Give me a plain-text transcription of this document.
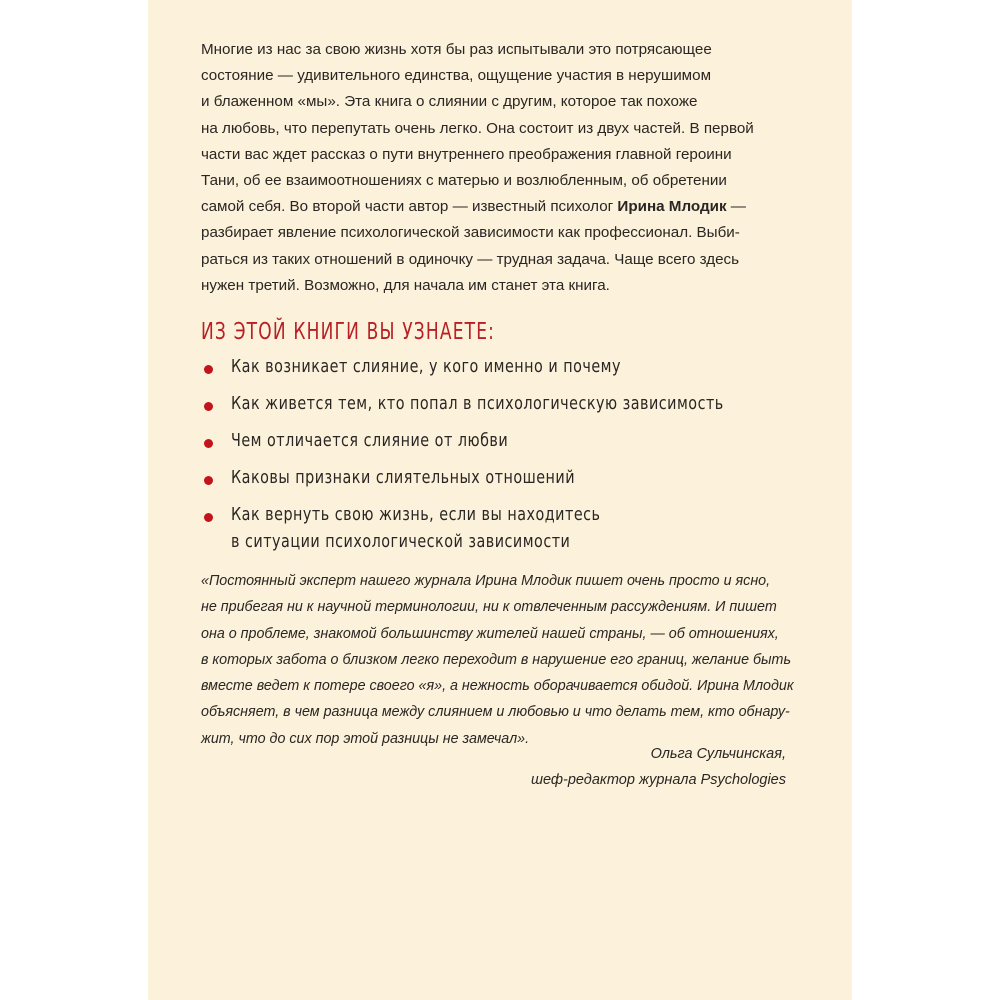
Многие из нас за свою жизнь хотя бы раз испытывали это потрясающее
состояние — удивительного единства, ощущение участия в нерушимом
и блаженном «мы». Эта книга о слиянии с другим, которое так похоже
на любовь, что перепутать очень легко. Она состоит из двух частей. В первой
части вас ждет рассказ о пути внутреннего преображения главной героини
Тани, об ее взаимоотношениях с матерью и возлюбленным, об обретении
самой себя. Во второй части автор — известный психолог Ирина Млодик —
разбирает явление психологической зависимости как профессионал. Выби-
раться из таких отношений в одиночку — трудная задача. Чаще всего здесь
нужен третий. Возможно, для начала им станет эта книга.

ИЗ ЭТОЙ КНИГИ ВЫ УЗНАЕТЕ:
Как возникает слияние, у кого именно и почему
Как живется тем, кто попал в психологическую зависимость
Чем отличается слияние от любви
Каковы признаки слиятельных отношений
Как вернуть свою жизнь, если вы находитесь
в ситуации психологической зависимости

«Постоянный эксперт нашего журнала Ирина Млодик пишет очень просто и ясно,
не прибегая ни к научной терминологии, ни к отвлеченным рассуждениям. И пишет
она о проблеме, знакомой большинству жителей нашей страны, — об отношениях,
в которых забота о близком легко переходит в нарушение его границ, желание быть
вместе ведет к потере своего «я», а нежность оборачивается обидой. Ирина Млодик
объясняет, в чем разница между слиянием и любовью и что делать тем, кто обнару-
жит, что до сих пор этой разницы не замечал».

Ольга Сульчинская,
шеф-редактор журнала Psychologies
